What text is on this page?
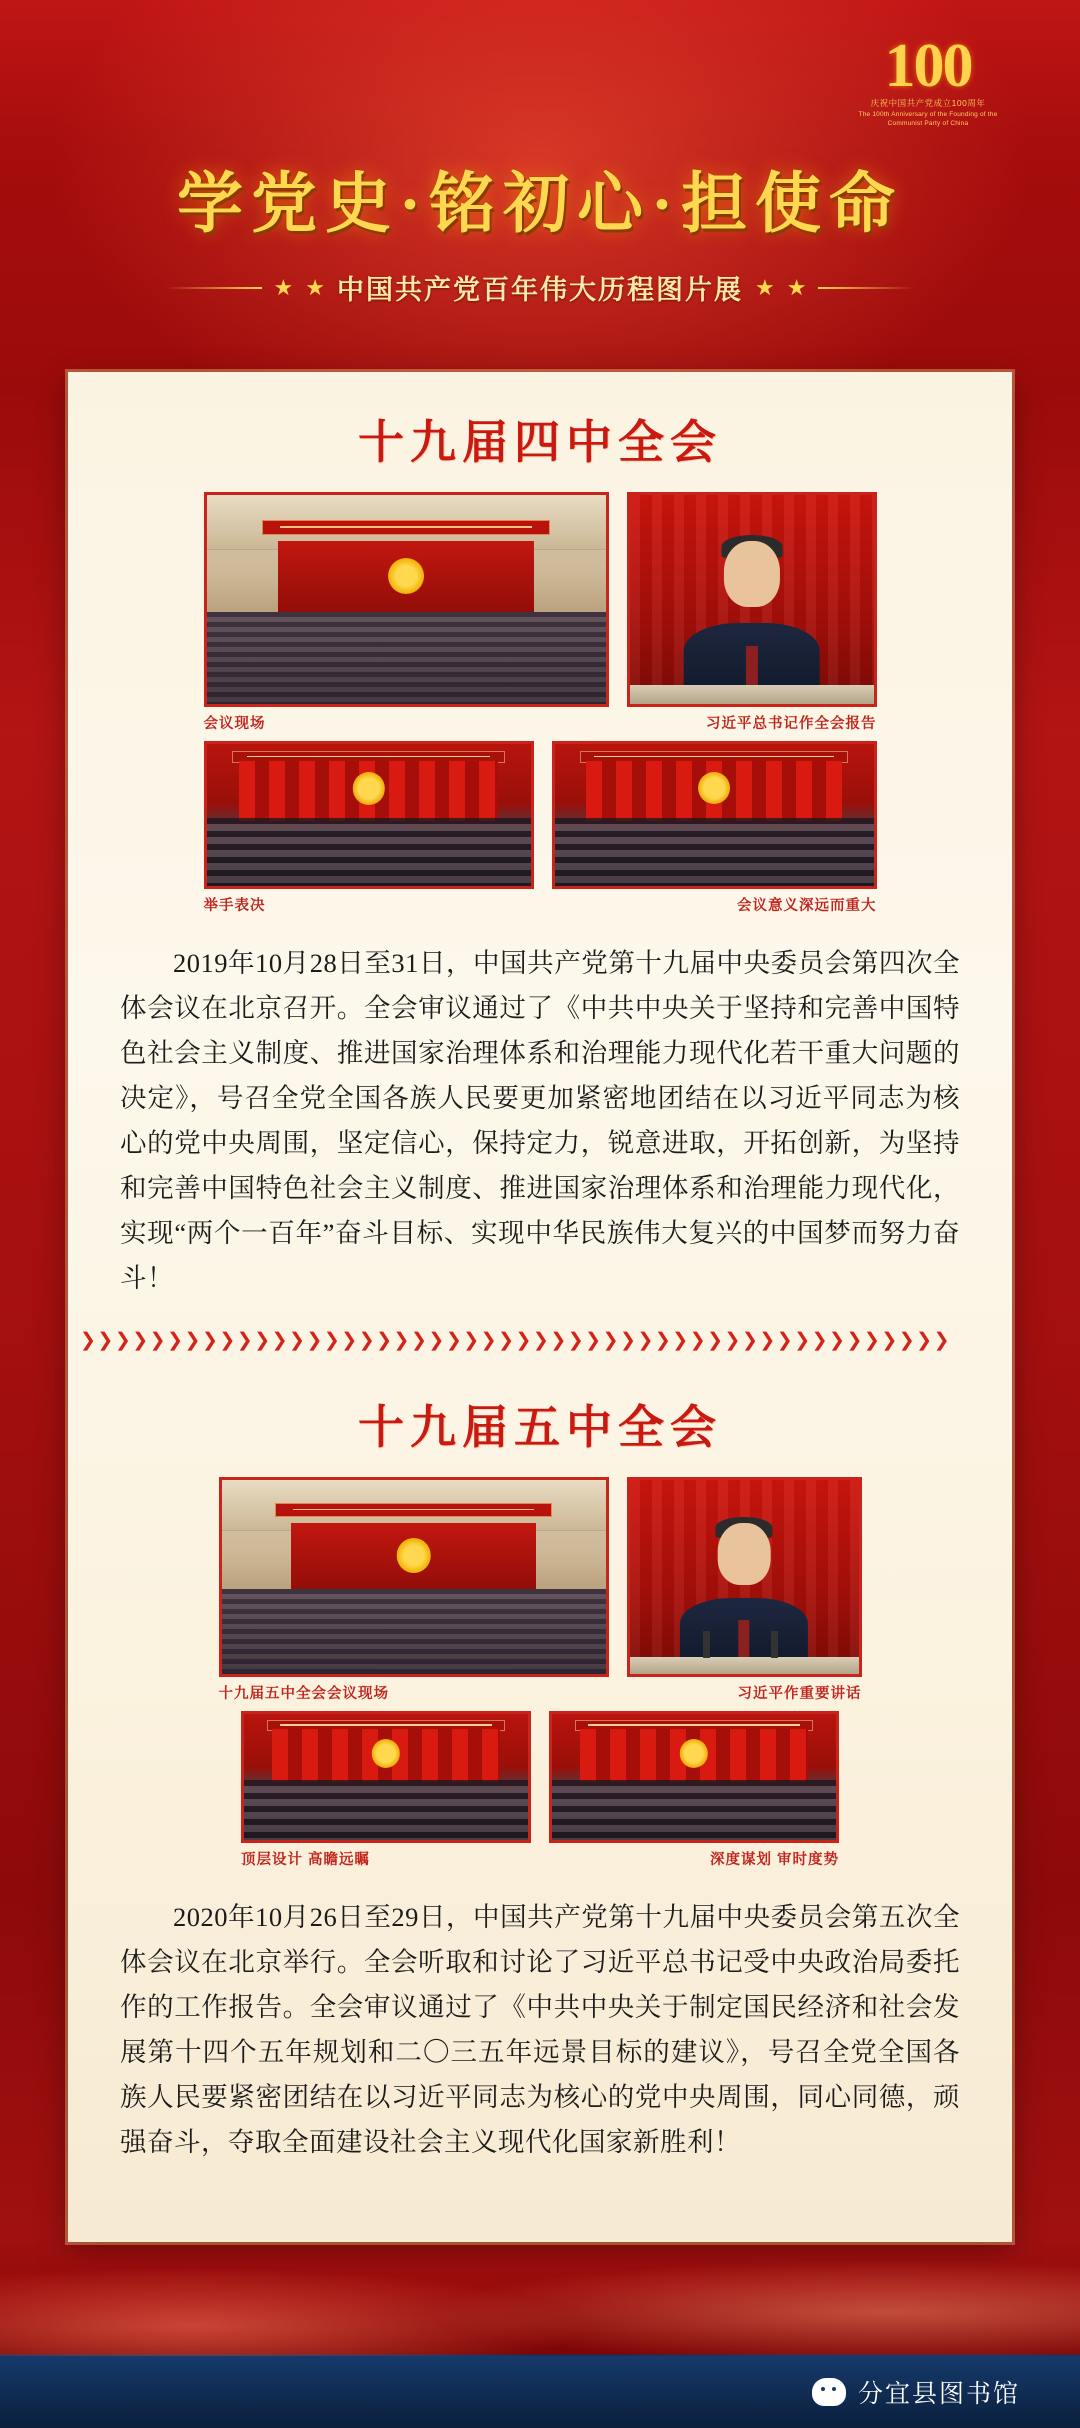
100
庆祝中国共产党成立100周年
The 100th Anniversary of the Founding of the Communist Party of China
学党史·铭初心·担使命
★ ★ 中国共产党百年伟大历程图片展 ★ ★
十九届四中全会
会议现场	习近平总书记作全会报告
举手表决	会议意义深远而重大
2019年10月28日至31日，中国共产党第十九届中央委员会第四次全体会议在北京召开。全会审议通过了《中共中央关于坚持和完善中国特色社会主义制度、推进国家治理体系和治理能力现代化若干重大问题的决定》，号召全党全国各族人民要更加紧密地团结在以习近平同志为核心的党中央周围，坚定信心，保持定力，锐意进取，开拓创新，为坚持和完善中国特色社会主义制度、推进国家治理体系和治理能力现代化，实现“两个一百年”奋斗目标、实现中华民族伟大复兴的中国梦而努力奋斗！
❯❯❯❯❯❯❯❯❯❯❯❯❯❯❯❯❯❯❯❯❯❯❯❯❯❯❯❯❯❯❯❯❯❯❯❯❯❯❯❯❯❯❯❯❯❯❯❯❯❯
十九届五中全会
十九届五中全会会议现场	习近平作重要讲话
顶层设计 高瞻远瞩	深度谋划 审时度势
2020年10月26日至29日，中国共产党第十九届中央委员会第五次全体会议在北京举行。全会听取和讨论了习近平总书记受中央政治局委托作的工作报告。全会审议通过了《中共中央关于制定国民经济和社会发展第十四个五年规划和二〇三五年远景目标的建议》，号召全党全国各族人民要紧密团结在以习近平同志为核心的党中央周围，同心同德，顽强奋斗，夺取全面建设社会主义现代化国家新胜利！
分宜县图书馆
